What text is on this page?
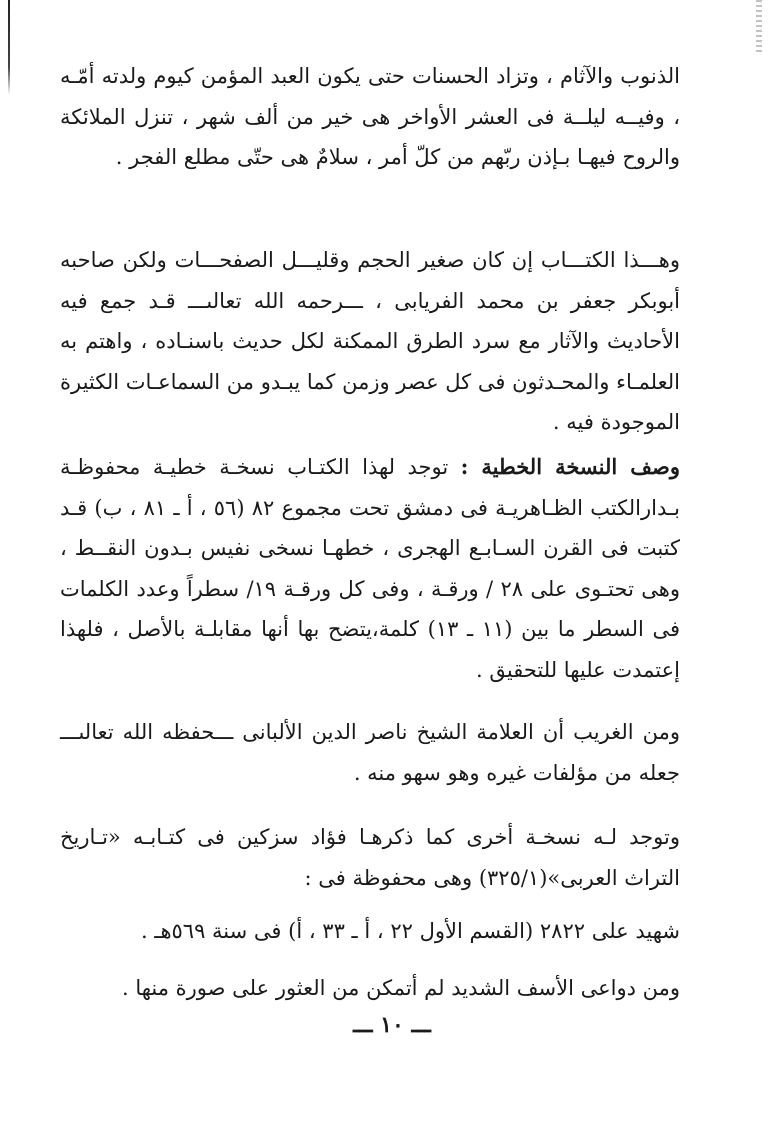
الذنوب والآثام ، وتزاد الحسنات حتى يكون العبد المؤمن كيوم ولدته أمّـه ، وفيــه ليلــة فى العشر الأواخر هى خير من ألف شهر ، تنزل الملائكة والروح فيهـا بـإذن ربّهم من كلّ أمر ، سلامٌ هى حتّى مطلع الفجر .

وهـــذا الكتـــاب إن كان صغير الحجم وقليـــل الصفحـــات ولكن صاحبه أبوبكر جعفر بن محمد الفريابى ، ـــرحمه الله تعالىـــ قـد جمع فيه الأحاديث والآثار مع سرد الطرق الممكنة لكل حديث باسنـاده ، واهتم به العلمـاء والمحـدثون فى كل عصر وزمن كما يبـدو من السماعـات الكثيرة الموجودة فيه .

وصف النسخة الخطية : توجد لهذا الكتـاب نسخـة خطيـة محفوظـة بـدارالكتب الظـاهريـة فى دمشق تحت مجموع ٨٢ (٥٦ ، أ ـ ٨١ ، ب) قـد كتبت فى القرن السـابـع الهجرى ، خطهـا نسخى نفيس بـدون النقــط ، وهى تحتـوى على ٢٨ / ورقـة ، وفى كل ورقـة ١٩/ سطراً وعدد الكلمات فى السطر ما بين (١١ ـ ١٣) كلمة،يتضح بها أنها مقابلـة بالأصل ، فلهذا إعتمدت عليها للتحقيق .

ومن الغريب أن العلامة الشيخ ناصر الدين الألبانى ـــحفظه الله تعالىـــ جعله من مؤلفات غيره وهو سهو منه .

وتوجد لـه نسخـة أخرى كما ذكرهـا فؤاد سزكين فى كتـابـه «تـاريخ التراث العربى»(٣٢٥/١) وهى محفوظة فى :

شهيد على ٢٨٢٢ (القسم الأول ٢٢ ، أ ـ ٣٣ ، أ) فى سنة ٥٦٩هـ .

ومن دواعى الأسف الشديد لم أتمكن من العثور على صورة منها .

ـــ ١٠ ـــ
